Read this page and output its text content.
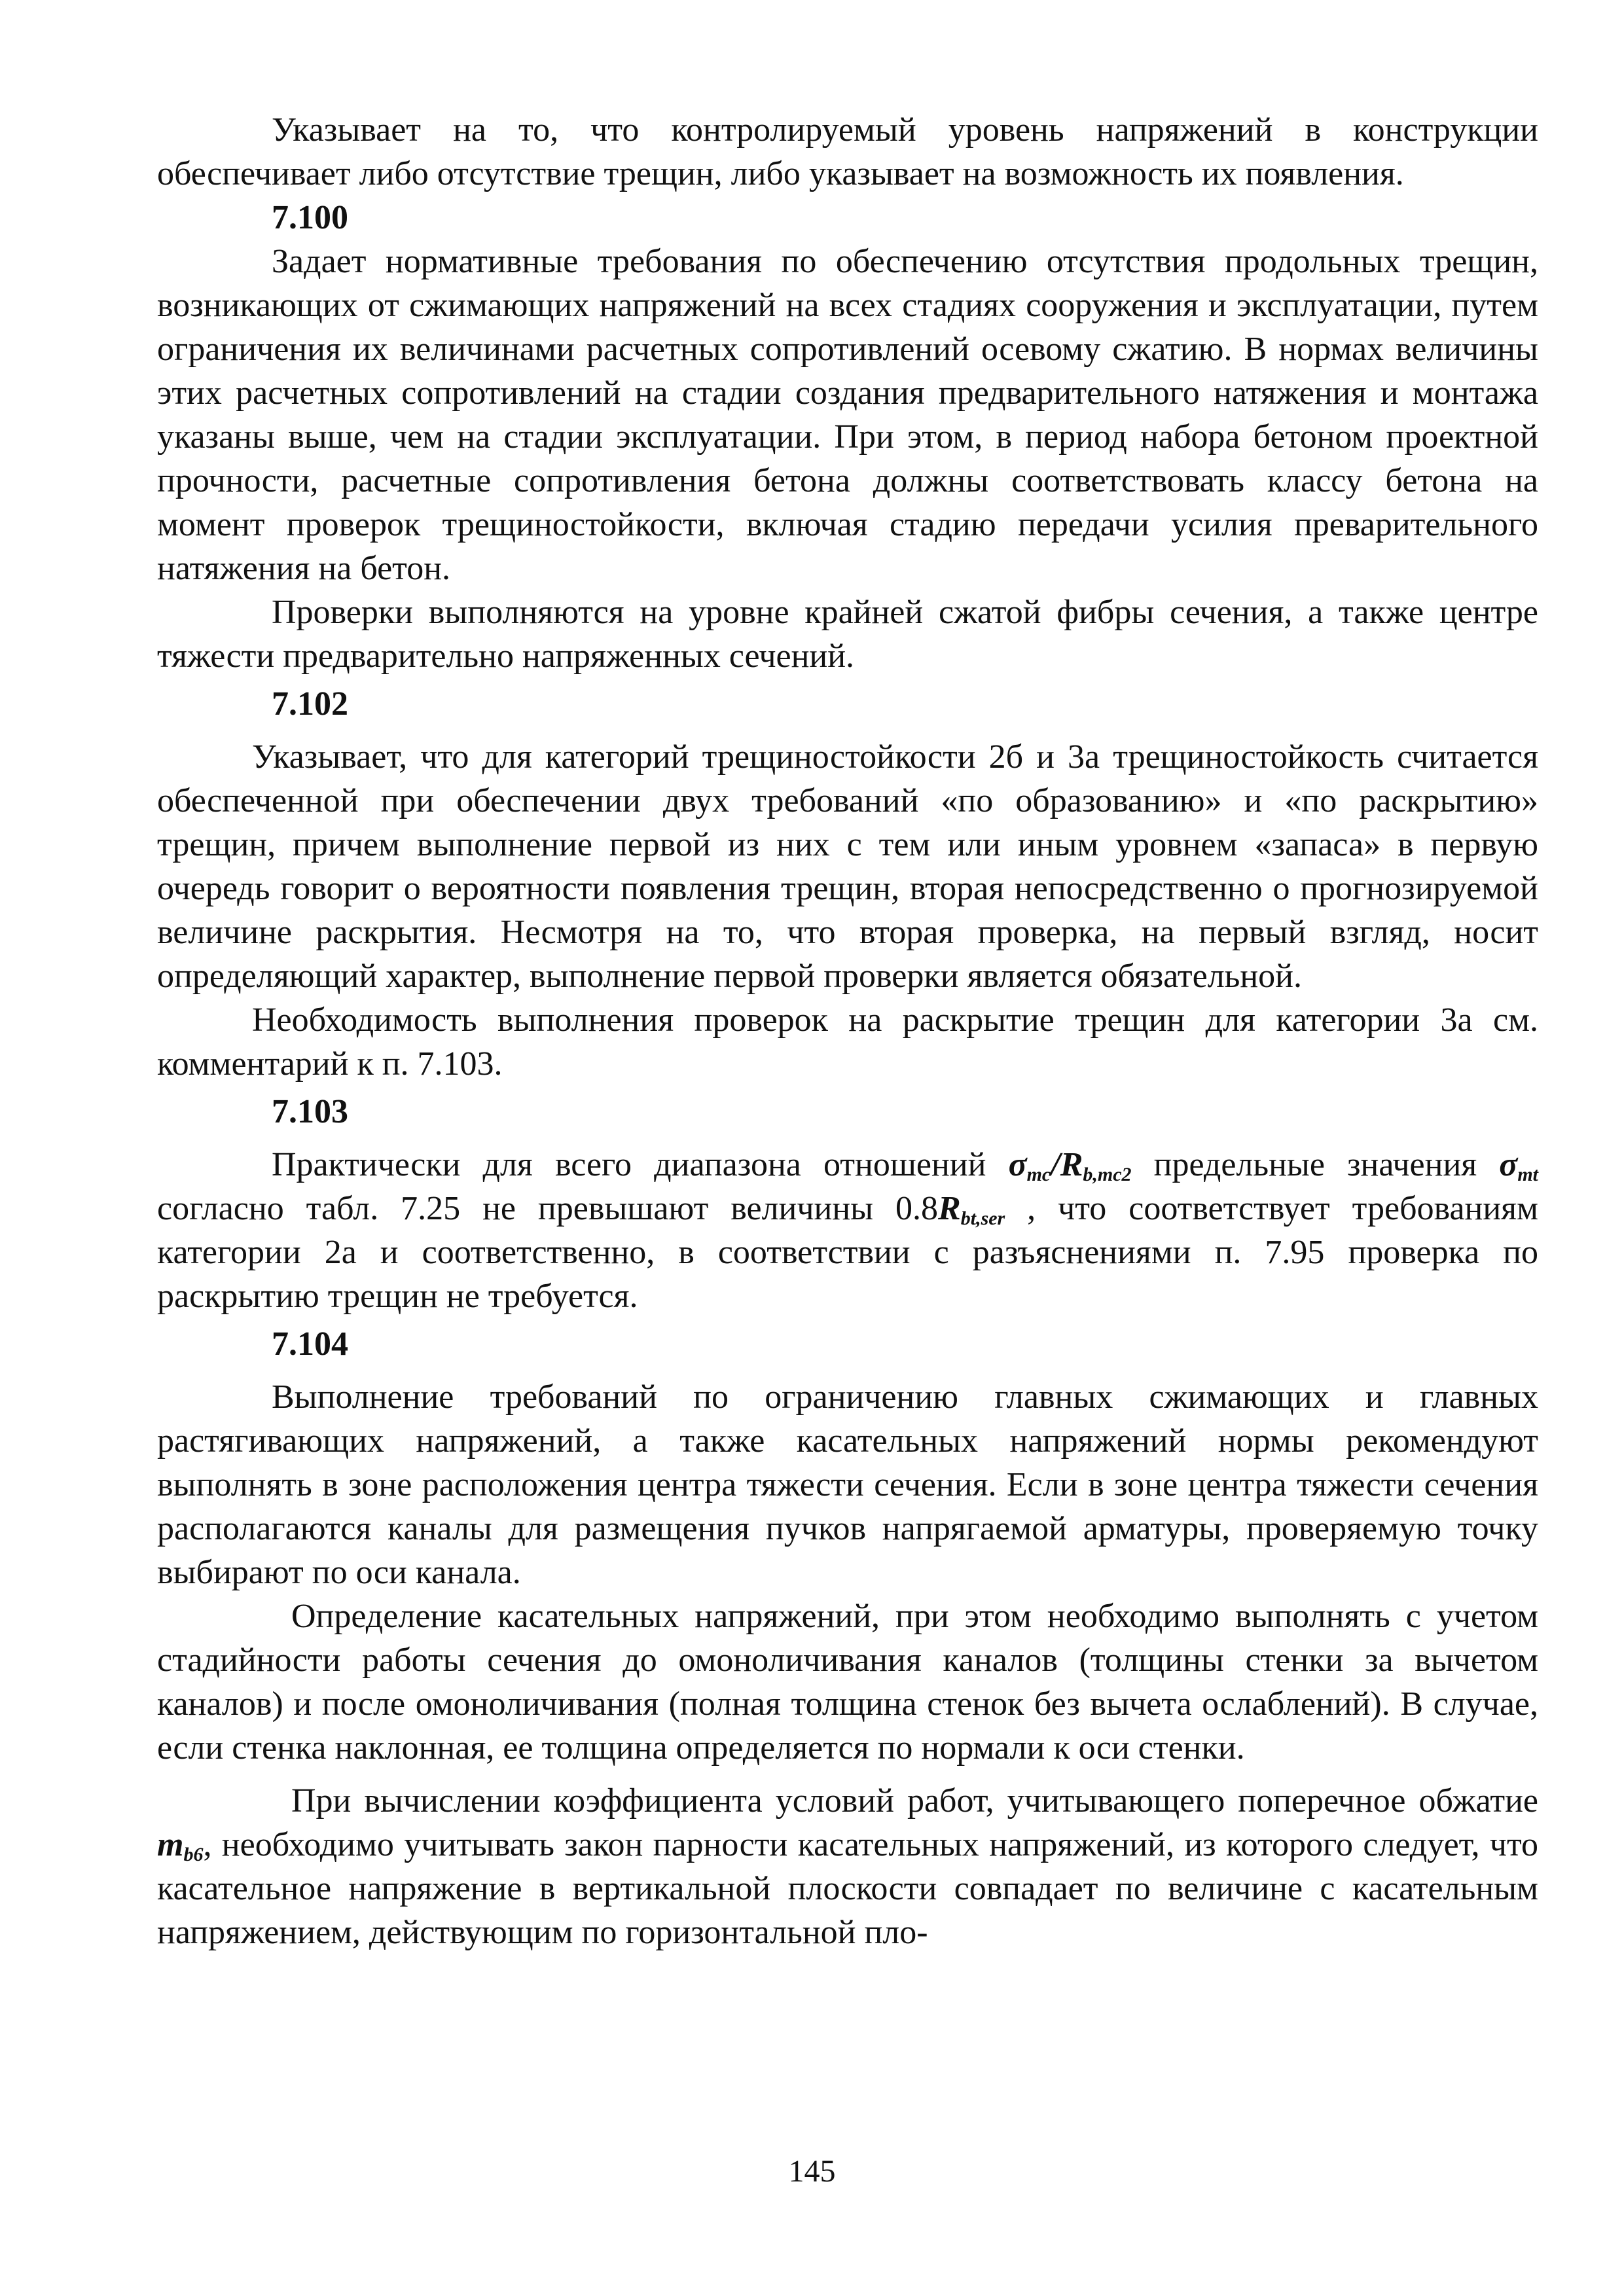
Указывает на то, что контролируемый уровень напряжений в конструкции обеспечивает либо отсутствие трещин, либо указывает на возможность их появления.

7.100

Задает нормативные требования по обеспечению отсутствия продольных трещин, возникающих от сжимающих напряжений на всех стадиях сооружения и эксплуатации, путем ограничения их величинами расчетных сопротивлений осевому сжатию. В нормах величины этих расчетных сопротивлений на стадии создания предварительного натяжения и монтажа указаны выше, чем на стадии эксплуатации. При этом, в период набора бетоном проектной прочности, расчетные сопротивления бетона должны соответствовать классу бетона на момент проверок трещиностойкости, включая стадию передачи усилия преварительного натяжения на бетон.

Проверки выполняются на уровне крайней сжатой фибры сечения, а также центре тяжести предварительно напряженных сечений.

7.102

Указывает, что для категорий трещиностойкости 2б и 3а трещиностойкость считается обеспеченной при обеспечении двух требований «по образованию» и «по раскрытию» трещин, причем выполнение первой из них с тем или иным уровнем «запаса» в первую очередь говорит о вероятности появления трещин, вторая непосредственно о прогнозируемой величине раскрытия. Несмотря на то, что вторая проверка, на первый взгляд, носит определяющий характер, выполнение первой проверки является обязательной.

Необходимость выполнения проверок на раскрытие трещин для категории 3а см. комментарий к п. 7.103.

7.103

Практически для всего диапазона отношений $\sigma_{mc}/R_{b,mc2}$ предельные значения $\sigma_{mt}$ согласно табл. 7.25 не превышают величины $0.8R_{bt,ser}$ , что соответствует требованиям категории 2а и соответственно, в соответствии с разъяснениями п. 7.95 проверка по раскрытию трещин не требуется.

7.104

Выполнение требований по ограничению главных сжимающих и главных растягивающих напряжений, а также касательных напряжений нормы рекомендуют выполнять в зоне расположения центра тяжести сечения. Если в зоне центра тяжести сечения располагаются каналы для размещения пучков напрягаемой арматуры, проверяемую точку выбирают по оси канала.

Определение касательных напряжений, при этом необходимо выполнять с учетом стадийности работы сечения до омоноличивания каналов (толщины стенки за вычетом каналов) и после омоноличивания (полная толщина стенок без вычета ослаблений). В случае, если стенка наклонная, ее толщина определяется по нормали к оси стенки.

При вычислении коэффициента условий работ, учитывающего поперечное обжатие $m_{b6}$, необходимо учитывать закон парности касательных напряжений, из которого следует, что касательное напряжение в вертикальной плоскости совпадает по величине с касательным напряжением, действующим по горизонтальной пло-

145
